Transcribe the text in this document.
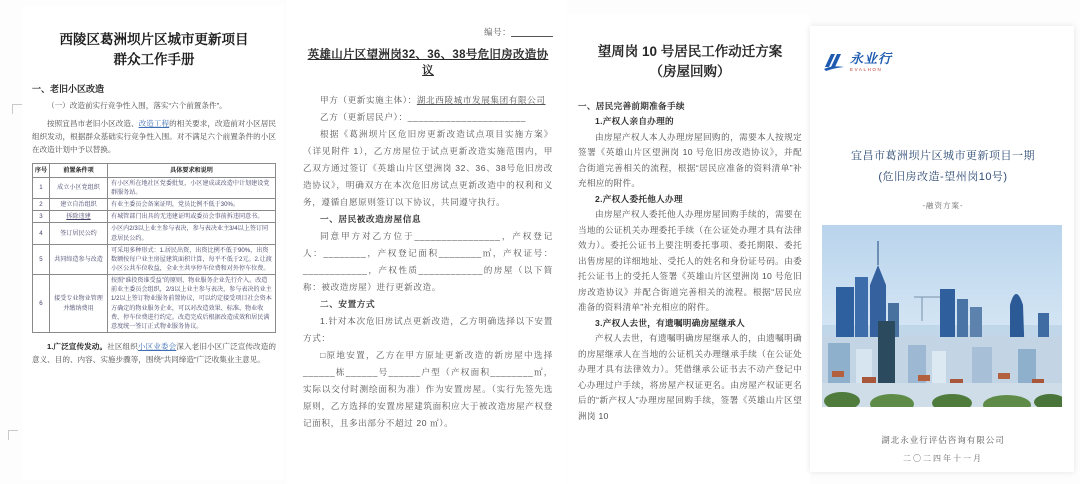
西陵区葛洲坝片区城市更新项目
群众工作手册
一、老旧小区改造
（一）改造前实行竞争性入围，落实“六个前置条件”。
按照宜昌市老旧小区改造、改造工程的相关要求，改造前对小区居民组织发动，根据群众基础实行竞争性入围。对不满足六个前置条件的小区在改造计划中予以替换。
序号	前置条件项	具体要求和说明
1	成立小区党组织	有小区所在地社区党委批复，小区建成或改造中计划建设党群服务站。
2	建立自治组织	有业主委员会备案证明，党员比例不低于30%。
3	拆除违建	有城管部门出具的无违建证明或委员会事前拆违同意书。
4	签订居民公约	小区内2/3以上业主参与表决，参与表决业主3/4以上签订同意居民公约。
5	共同缔造参与改造	可采用多种形式：1.居民出资，出资比例不低于90%，出资数额按每户业主房屋建筑面积计算，每平不低于2元。2.让渡小区公共车位收益，全业主共享停车位费和对外停车位费。
6	接受专业物业管理并缴纳费用	按照“谁投资谁受益”的原则，物业服务企业先行介入。改造前业主委员会组织，2/3以上业主参与表决，参与表决的业主1/2以上签订物业服务前置协议，可以约定接受项目社会资本方确定的物业服务企业，可以对改造效果、标准、物业收费、停车位费进行约定。改造完成后根据改造成效和居民满意度统一签订正式物业服务协议。
1.广泛宣传发动。社区组织小区业委会深入老旧小区广泛宣传改造的意义、目的、内容、实施步骤等，围绕“共同缔造”广泛收集业主意见。
编号：________
英雄山片区望洲岗32、36、38号危旧房改造协议
甲方（更新实施主体）：湖北西陵城市发展集团有限公司
乙方（更新居民户）：______________________
根据《葛洲坝片区危旧房更新改造试点项目实施方案》（详见附件 1），乙方房屋位于试点更新改造实施范围内，甲乙双方通过签订《英雄山片区望洲岗 32、36、38号危旧房改造协议》，明确双方在本次危旧房试点更新改造中的权利和义务，遵循自愿原则签订以下协议，共同遵守执行。
一、居民被改造房屋信息
同意甲方对乙方位于________________，产权登记人：________，产权登记面积________㎡，产权证号：____________，产权性质____________的房屋（以下简称：被改造房屋）进行更新改造。
二、安置方式
1.针对本次危旧房试点更新改造，乙方明确选择以下安置方式：
□原地安置，乙方在甲方原址更新改造的新房屋中选择______栋______号______户型（产权面积________㎡，实际以交付时测绘面积为准）作为安置房屋。（实行先签先选原则，乙方选择的安置房屋建筑面积应大于被改造房屋产权登记面积，且多出部分不超过 20 ㎡）。
望周岗 10 号居民工作动迁方案
（房屋回购）
一、居民完善前期准备手续
1.产权人亲自办理的
由房屋产权人本人办理房屋回购的，需要本人按规定签署《英雄山片区望洲岗 10 号危旧房改造协议》，并配合街道完善相关的流程，根据“居民应准备的资料清单”补充相应的附件。
2.产权人委托他人办理
由房屋产权人委托他人办理房屋回购手续的，需要在当地的公证机关办理委托手续（在公证处办理才具有法律效力）。委托公证书上要注明委托事项、委托期限、委托出售房屋的详细地址、受托人的姓名和身份证号码。由委托公证书上的受托人签署《英雄山片区望洲岗 10 号危旧房改造协议》并配合街道完善相关的流程。根据“居民应准备的资料清单”补充相应的附件。
3.产权人去世，有遗嘱明确房屋继承人
产权人去世，有遗嘱明确房屋继承人的，由遗嘱明确的房屋继承人在当地的公证机关办理继承手续（在公证处办理才具有法律效力）。凭借继承公证书去不动产登记中心办理过户手续，将房屋产权证更名。由房屋产权证更名后的“新产权人”办理房屋回购手续，签署《英雄山片区望洲岗 10
永业行
EVALHON
宜昌市葛洲坝片区城市更新项目一期
(危旧房改造-望州岗10号)
-融资方案-
湖北永业行评估咨询有限公司
二〇二四年十一月
